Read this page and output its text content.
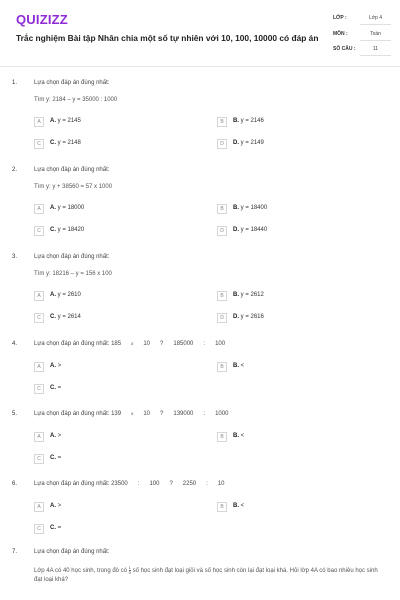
QUIZIZZ
Trắc nghiệm Bài tập Nhân chia một số tự nhiên với 10, 100, 10000 có đáp án
LỚP :	Lớp 4
MÔN :	Toán
SỐ CÂU :	11
1.	Lựa chọn đáp án đúng nhất:
Tìm y: 2184 – y = 35000 : 1000
A	A. y = 2145	B	B. y = 2146
C	C. y = 2148	D	D. y = 2149
2.	Lựa chọn đáp án đúng nhất:
Tìm y: y + 38560 = 57 x 1000
A	A. y = 18000	B	B. y = 18400
C	C. y = 18420	D	D. y = 18440
3.	Lựa chọn đáp án đúng nhất:
Tìm y: 18216 – y = 156 x 100
A	A. y = 2610	B	B. y = 2612
C	C. y = 2614	D	D. y = 2616
4.	Lựa chọn đáp án đúng nhất: 185 x 10 ? 185000 : 100
A	A. >	B	B. <
C	C. =
5.	Lựa chọn đáp án đúng nhất: 139 x 10 ? 139000 : 1000
A	A. >	B	B. <
C	C. =
6.	Lựa chọn đáp án đúng nhất: 23500 : 100 ? 2250 : 10
A	A. >	B	B. <
C	C. =
7.	Lựa chọn đáp án đúng nhất:
Lớp 4A có 40 học sinh, trong đó có $\frac{1}{5}$ số học sinh đạt loại giỏi và số học sinh còn lại đạt loại khá. Hỏi lớp 4A có bao nhiêu học sinh đạt loại khá?
